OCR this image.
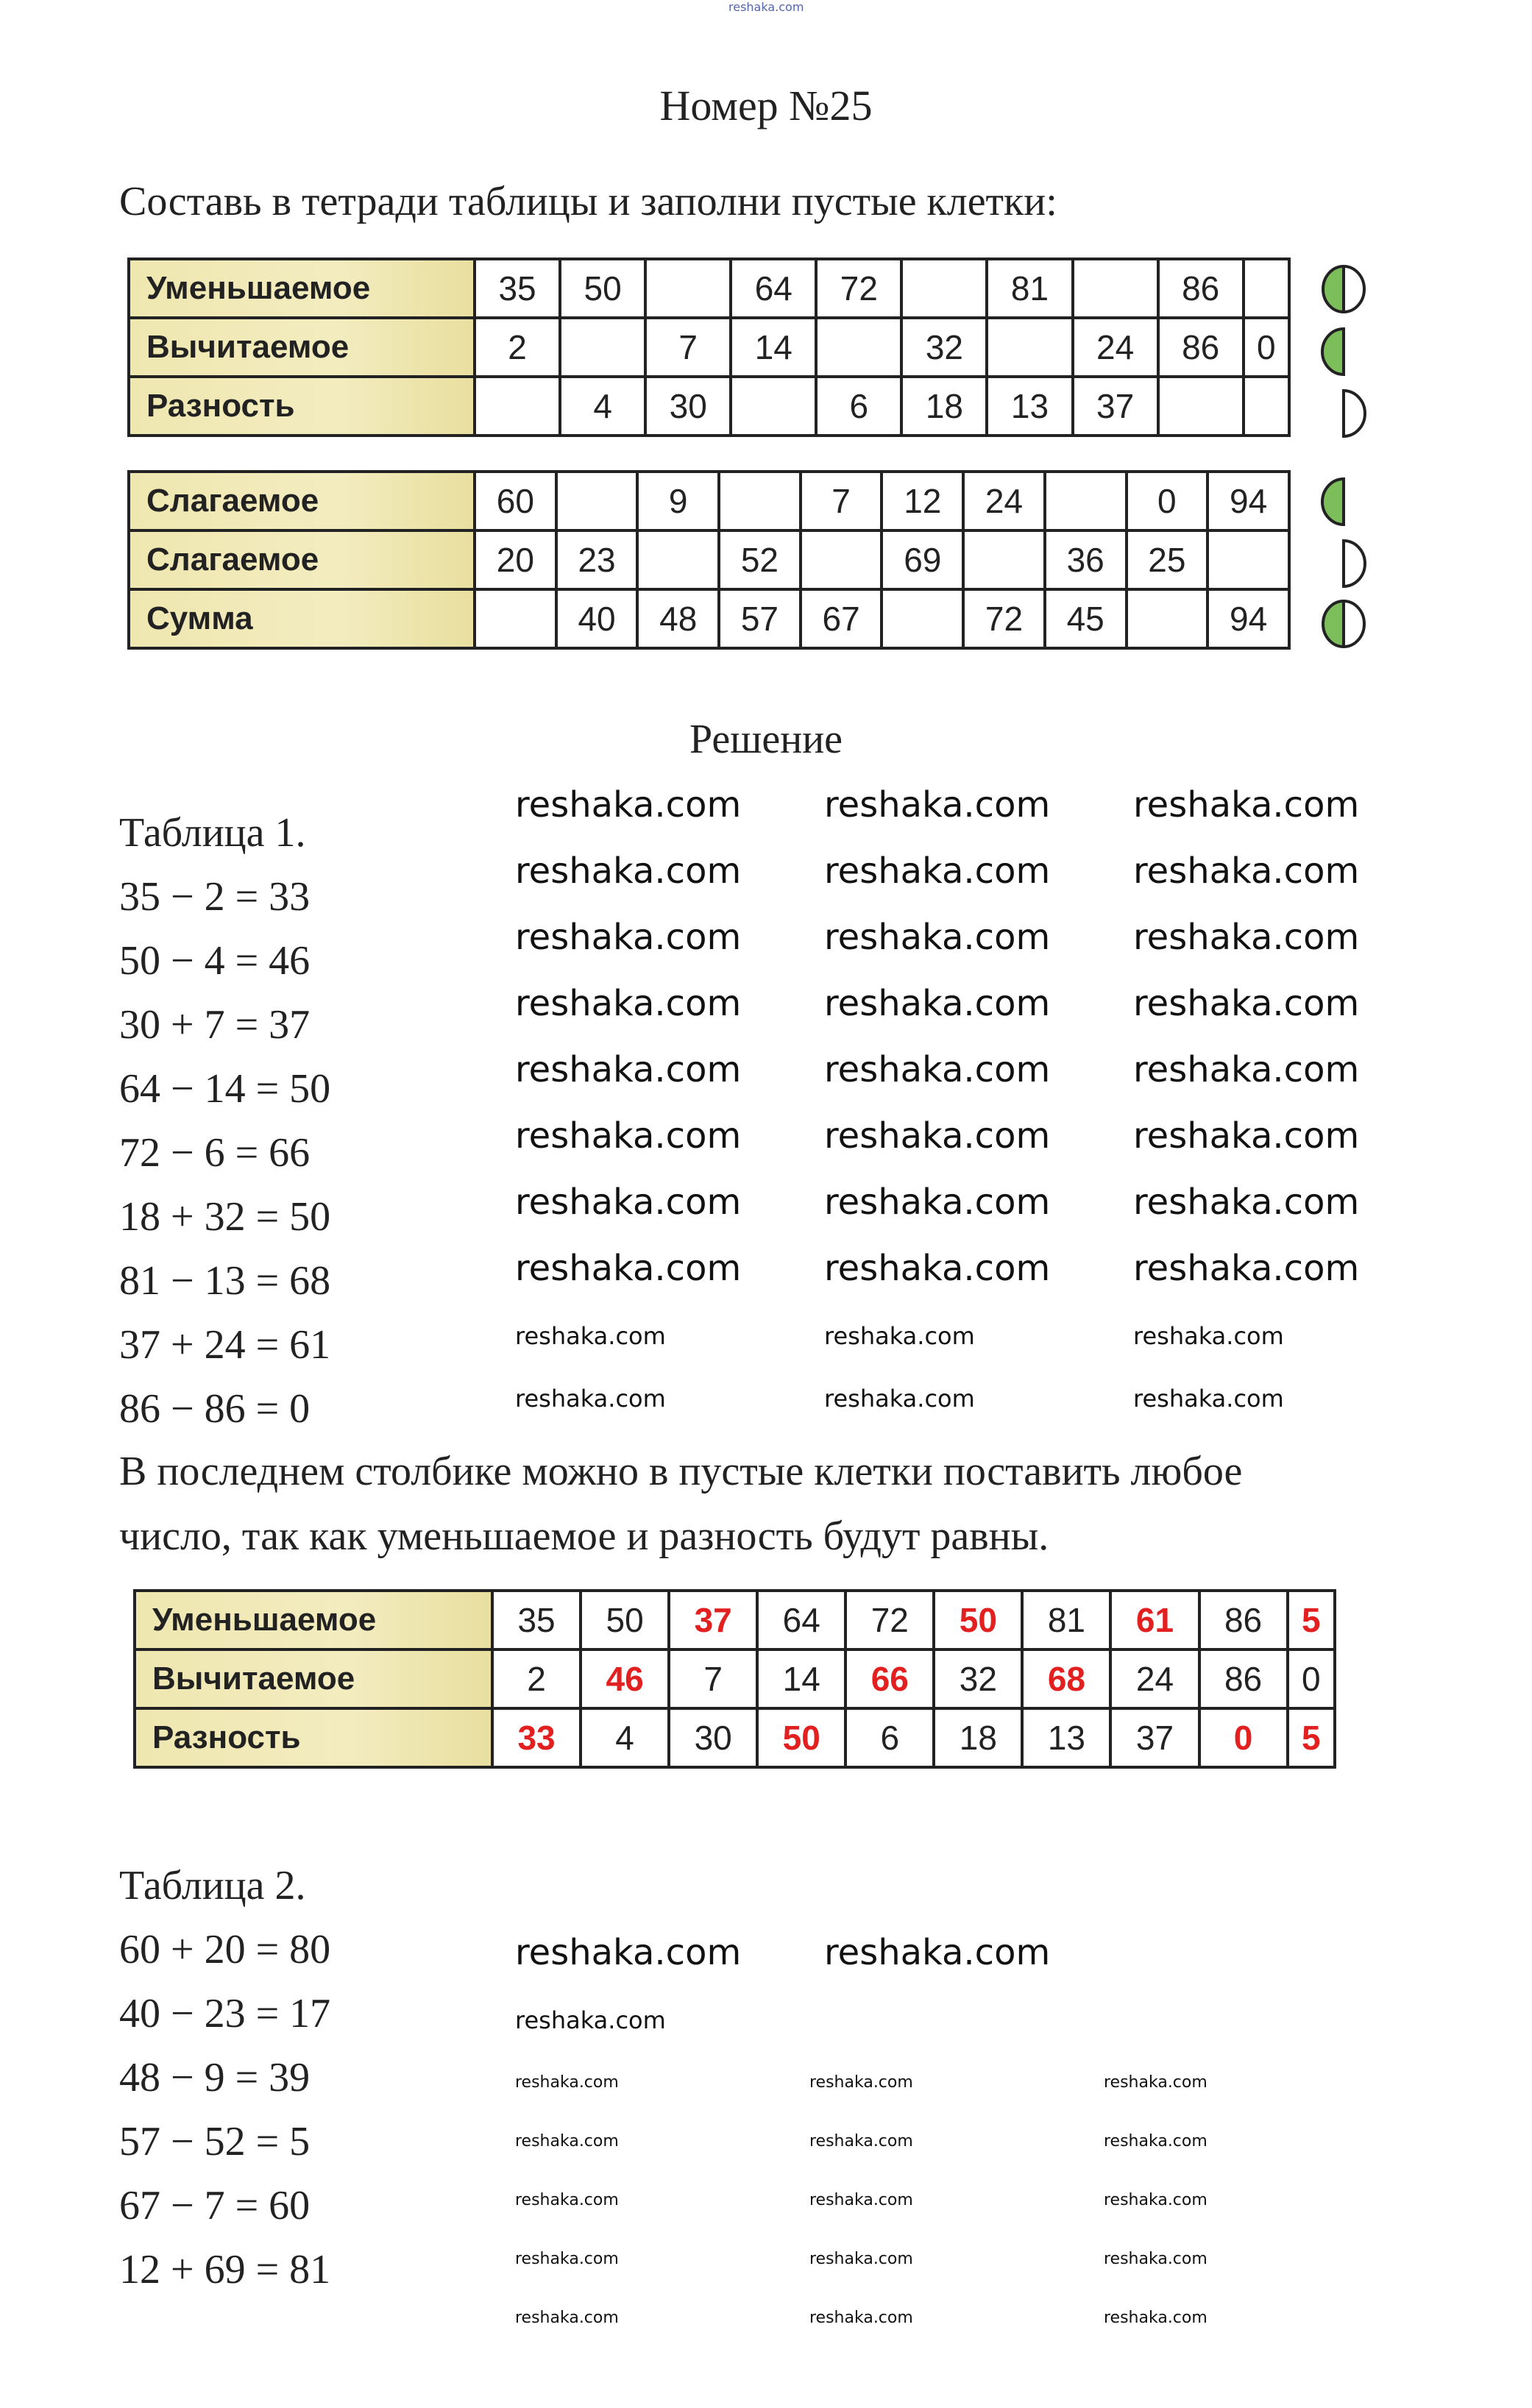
reshaka.com
Номер №25
Составь в тетради таблицы и заполни пустые клетки:
Уменьшаемое	35	50		64	72		81		86	
Вычитаемое	2		7	14		32		24	86	0
Разность		4	30		6	18	13	37		
Слагаемое	60		9		7	12	24		0	94
Слагаемое	20	23		52		69		36	25	
Сумма		40	48	57	67		72	45		94
Решение
Таблица 1.
35 − 2 = 33
50 − 4 = 46
30 + 7 = 37
64 − 14 = 50
72 − 6 = 66
18 + 32 = 50
81 − 13 = 68
37 + 24 = 61
86 − 86 = 0
В последнем столбике можно в пустые клетки поставить любое
число, так как уменьшаемое и разность будут равны.
Уменьшаемое	35	50	37	64	72	50	81	61	86	5
Вычитаемое	2	46	7	14	66	32	68	24	86	0
Разность	33	4	30	50	6	18	13	37	0	5
Таблица 2.
60 + 20 = 80
40 − 23 = 17
48 − 9 = 39
57 − 52 = 5
67 − 7 = 60
12 + 69 = 81
reshaka.com reshaka.com reshaka.com
reshaka.com reshaka.com reshaka.com
reshaka.com reshaka.com reshaka.com
reshaka.com reshaka.com reshaka.com
reshaka.com reshaka.com reshaka.com
reshaka.com reshaka.com reshaka.com
reshaka.com reshaka.com reshaka.com
reshaka.com reshaka.com reshaka.com
reshaka.com	reshaka.com	reshaka.com
reshaka.com	reshaka.com	reshaka.com
reshaka.com reshaka.com
reshaka.com
reshaka.com	reshaka.com	reshaka.com
reshaka.com	reshaka.com	reshaka.com
reshaka.com	reshaka.com	reshaka.com
reshaka.com	reshaka.com	reshaka.com
reshaka.com	reshaka.com	reshaka.com
